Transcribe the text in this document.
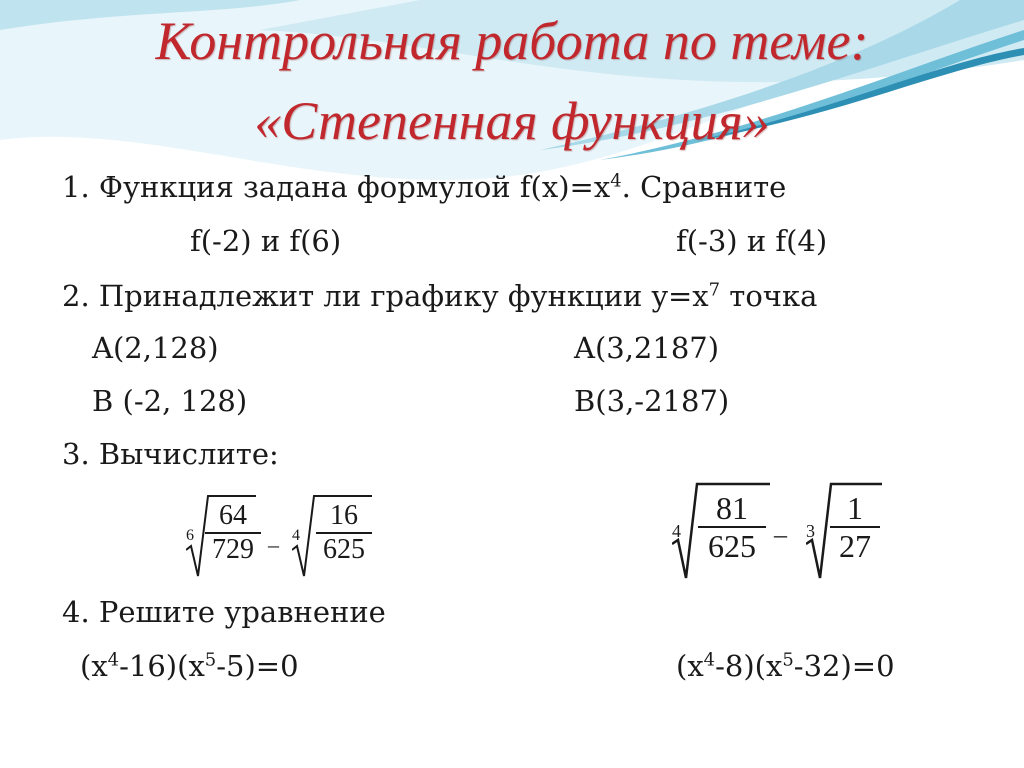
Контрольная работа по теме:
«Степенная функция»
1. Функция задана формулой $f(x)=x^4$. Сравните
f(-2) и f(6)	f(-3) и f(4)
2. Принадлежит ли графику функции $y=x^7$ точка
A(2,128)	A(3,2187)
B (-2, 128)	B(3,-2187)
3. Вычислите:
6
64
729 – 4
16
625
4
81
625 – 3
1
27
4. Решите уравнение
$(x^4-16)(x^5-5)=0$	$(x^4-8)(x^5-32)=0$
